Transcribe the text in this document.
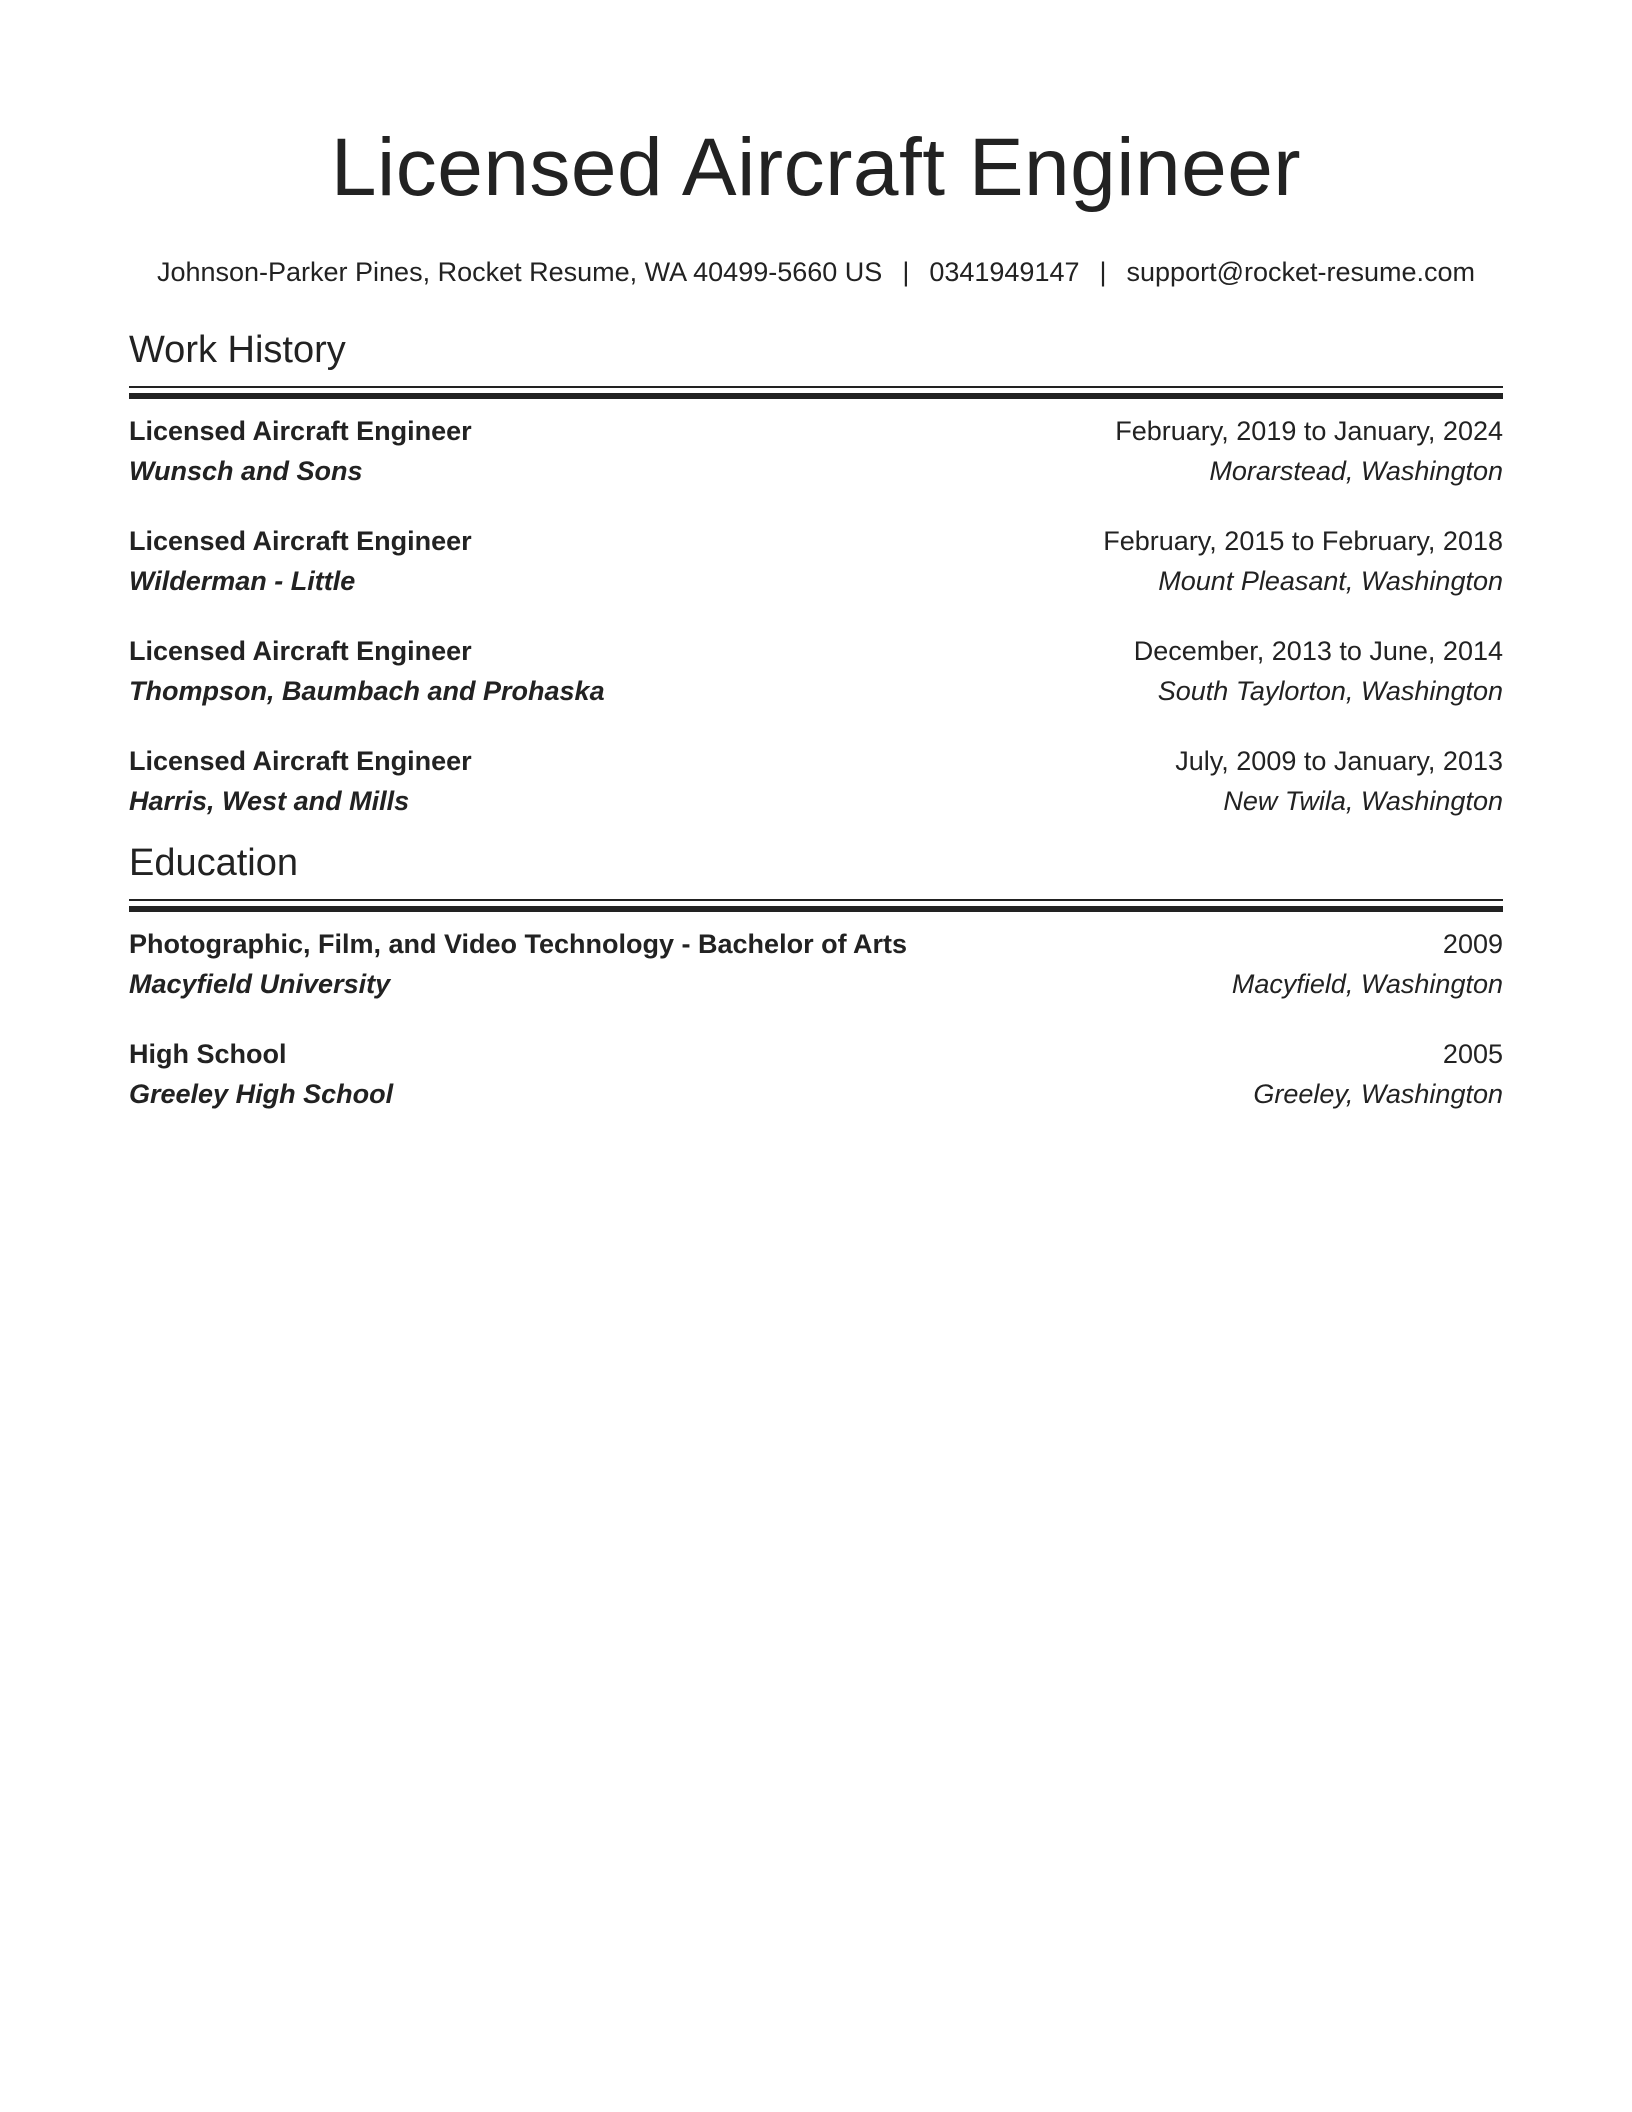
Licensed Aircraft Engineer
Johnson-Parker Pines, Rocket Resume, WA 40499-5660 US | 0341949147 | support@rocket-resume.com
Work History
Licensed Aircraft Engineer	February, 2019 to January, 2024
Wunsch and Sons	Morarstead, Washington
Licensed Aircraft Engineer	February, 2015 to February, 2018
Wilderman - Little	Mount Pleasant, Washington
Licensed Aircraft Engineer	December, 2013 to June, 2014
Thompson, Baumbach and Prohaska	South Taylorton, Washington
Licensed Aircraft Engineer	July, 2009 to January, 2013
Harris, West and Mills	New Twila, Washington
Education
Photographic, Film, and Video Technology - Bachelor of Arts	2009
Macyfield University	Macyfield, Washington
High School	2005
Greeley High School	Greeley, Washington
